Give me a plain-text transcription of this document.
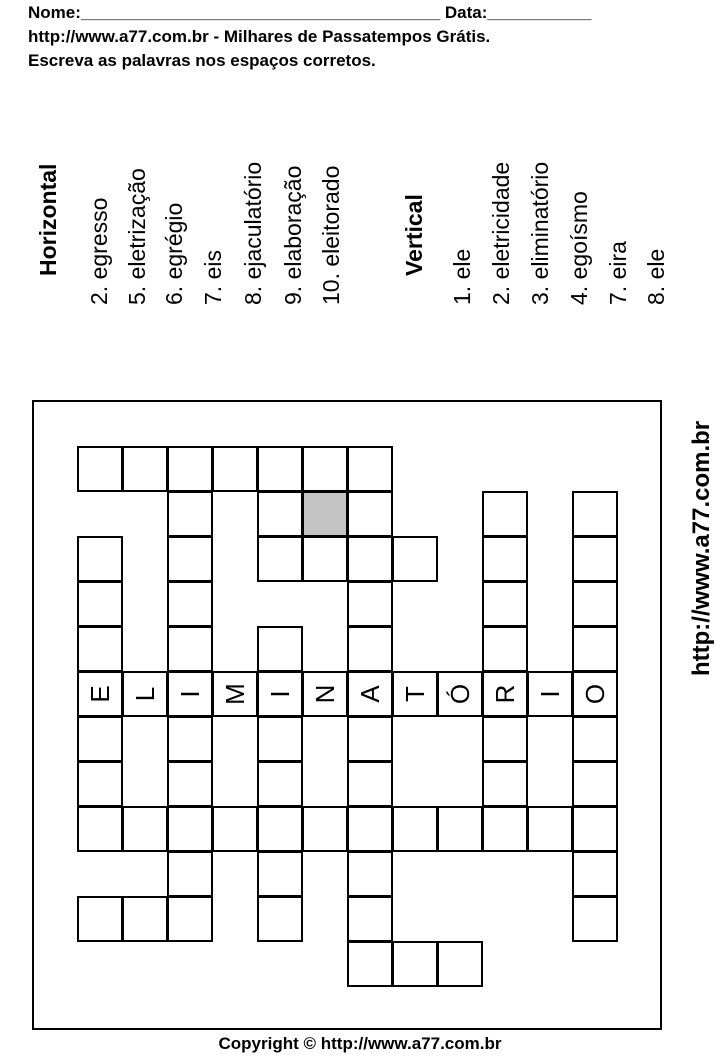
Nome:______________________________________ Data:___________
http://www.a77.com.br - Milhares de Passatempos Grátis.
Escreva as palavras nos espaços corretos.
Horizontal 2. egresso 5. eletrização 6. egrégio 7. eis 8. ejaculatório 9. elaboração 10. eleitorado Vertical
1. ele 2. eletricidade 3. eliminatório 4. egoísmo 7. eira 8. ele
http://www.a77.com.br
E L I M I N A T Ó R I O
Copyright © http://www.a77.com.br
